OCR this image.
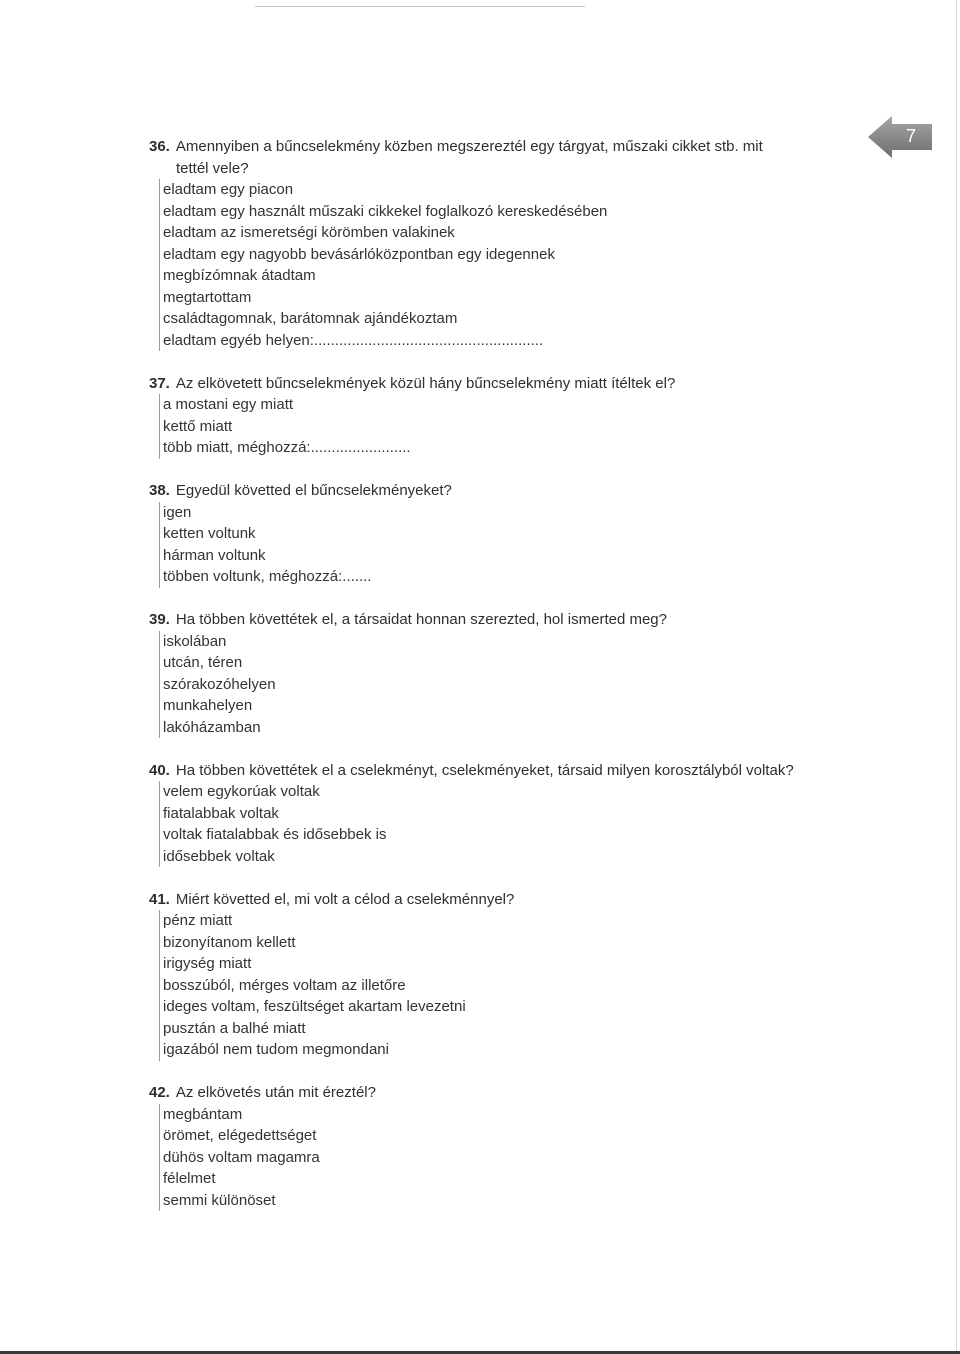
7
36. Amennyiben a bűncselekmény közben megszereztél egy tárgyat, műszaki cikket stb. mit
tettél vele?
eladtam egy piacon
eladtam egy használt műszaki cikkekel foglalkozó kereskedésében
eladtam az ismeretségi körömben valakinek
eladtam egy nagyobb bevásárlóközpontban egy idegennek
megbízómnak átadtam
megtartottam
családtagomnak, barátomnak ajándékoztam
eladtam egyéb helyen:.......................................................
37. Az elkövetett bűncselekmények közül hány bűncselekmény miatt ítéltek el?
a mostani egy miatt
kettő miatt
több miatt, méghozzá:........................
38. Egyedül követted el bűncselekményeket?
igen
ketten voltunk
hárman voltunk
többen voltunk, méghozzá:.......
39. Ha többen követtétek el, a társaidat honnan szerezted, hol ismerted meg?
iskolában
utcán, téren
szórakozóhelyen
munkahelyen
lakóházamban
40. Ha többen követtétek el a cselekményt, cselekményeket, társaid milyen korosztályból voltak?
velem egykorúak voltak
fiatalabbak voltak
voltak fiatalabbak és idősebbek is
idősebbek voltak
41. Miért követted el, mi volt a célod a cselekménnyel?
pénz miatt
bizonyítanom kellett
irigység miatt
bosszúból, mérges voltam az illetőre
ideges voltam, feszültséget akartam levezetni
pusztán a balhé miatt
igazából nem tudom megmondani
42. Az elkövetés után mit éreztél?
megbántam
örömet, elégedettséget
dühös voltam magamra
félelmet
semmi különöset
